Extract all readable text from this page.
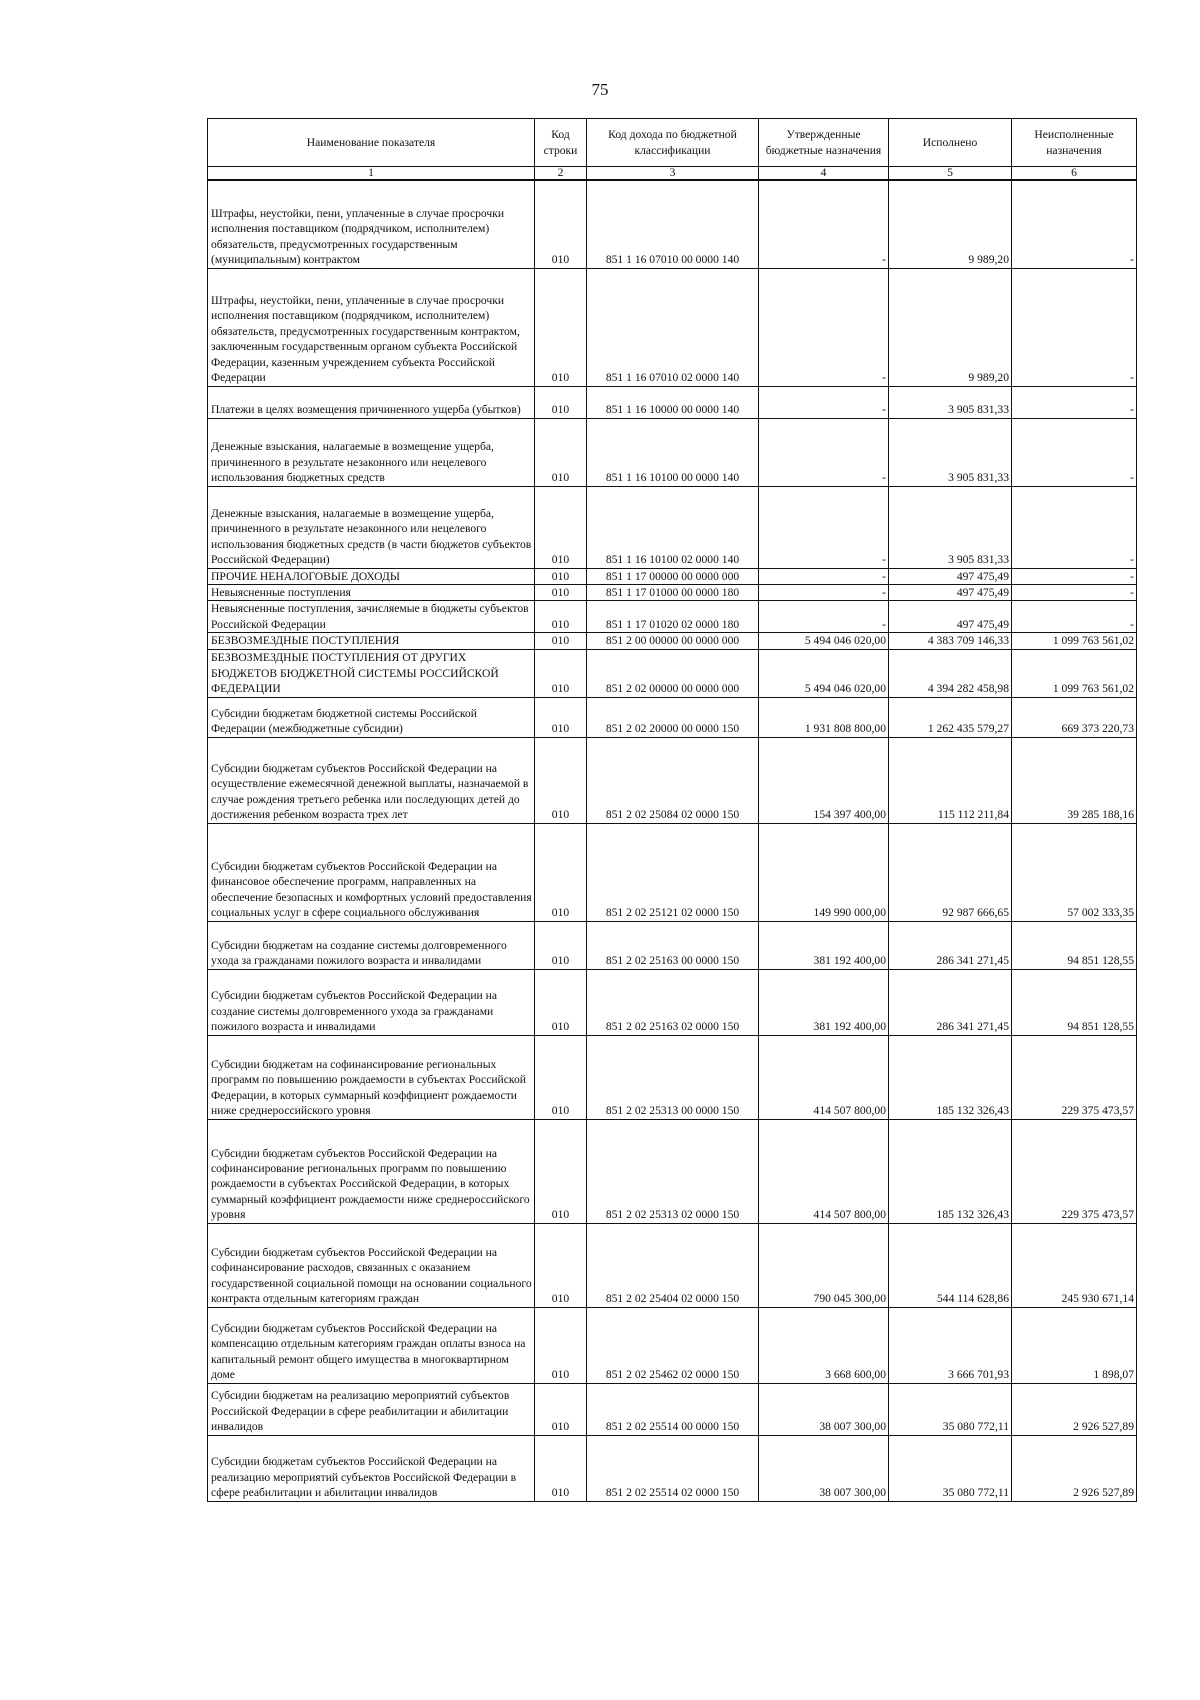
75
Наименование показателя	Код строки	Код дохода по бюджетной классификации	Утвержденные бюджетные назначения	Исполнено	Неисполненные назначения
1	2	3	4	5	6
Штрафы, неустойки, пени, уплаченные в случае просрочки исполнения поставщиком (подрядчиком, исполнителем) обязательств, предусмотренных государственным (муниципальным) контрактом	010	851 1 16 07010 00 0000 140	-	9 989,20	-
Штрафы, неустойки, пени, уплаченные в случае просрочки исполнения поставщиком (подрядчиком, исполнителем) обязательств, предусмотренных государственным контрактом, заключенным государственным органом субъекта Российской Федерации, казенным учреждением субъекта Российской Федерации	010	851 1 16 07010 02 0000 140	-	9 989,20	-
Платежи в целях возмещения причиненного ущерба (убытков)	010	851 1 16 10000 00 0000 140	-	3 905 831,33	-
Денежные взыскания, налагаемые в возмещение ущерба, причиненного в результате незаконного или нецелевого использования бюджетных средств	010	851 1 16 10100 00 0000 140	-	3 905 831,33	-
Денежные взыскания, налагаемые в возмещение ущерба, причиненного в результате незаконного или нецелевого использования бюджетных средств (в части бюджетов субъектов Российской Федерации)	010	851 1 16 10100 02 0000 140	-	3 905 831,33	-
ПРОЧИЕ НЕНАЛОГОВЫЕ ДОХОДЫ	010	851 1 17 00000 00 0000 000	-	497 475,49	-
Невыясненные поступления	010	851 1 17 01000 00 0000 180	-	497 475,49	-
Невыясненные поступления, зачисляемые в бюджеты субъектов Российской Федерации	010	851 1 17 01020 02 0000 180	-	497 475,49	-
БЕЗВОЗМЕЗДНЫЕ ПОСТУПЛЕНИЯ	010	851 2 00 00000 00 0000 000	5 494 046 020,00	4 383 709 146,33	1 099 763 561,02
БЕЗВОЗМЕЗДНЫЕ ПОСТУПЛЕНИЯ ОТ ДРУГИХ БЮДЖЕТОВ БЮДЖЕТНОЙ СИСТЕМЫ РОССИЙСКОЙ ФЕДЕРАЦИИ	010	851 2 02 00000 00 0000 000	5 494 046 020,00	4 394 282 458,98	1 099 763 561,02
Субсидии бюджетам бюджетной системы Российской Федерации (межбюджетные субсидии)	010	851 2 02 20000 00 0000 150	1 931 808 800,00	1 262 435 579,27	669 373 220,73
Субсидии бюджетам субъектов Российской Федерации на осуществление ежемесячной денежной выплаты, назначаемой в случае рождения третьего ребенка или последующих детей до достижения ребенком возраста трех лет	010	851 2 02 25084 02 0000 150	154 397 400,00	115 112 211,84	39 285 188,16
Субсидии бюджетам субъектов Российской Федерации на финансовое обеспечение программ, направленных на обеспечение безопасных и комфортных условий предоставления социальных услуг в сфере социального обслуживания	010	851 2 02 25121 02 0000 150	149 990 000,00	92 987 666,65	57 002 333,35
Субсидии бюджетам на создание системы долговременного ухода за гражданами пожилого возраста и инвалидами	010	851 2 02 25163 00 0000 150	381 192 400,00	286 341 271,45	94 851 128,55
Субсидии бюджетам субъектов Российской Федерации на создание системы долговременного ухода за гражданами пожилого возраста и инвалидами	010	851 2 02 25163 02 0000 150	381 192 400,00	286 341 271,45	94 851 128,55
Субсидии бюджетам на софинансирование региональных программ по повышению рождаемости в субъектах Российской Федерации, в которых суммарный коэффициент рождаемости ниже среднероссийского уровня	010	851 2 02 25313 00 0000 150	414 507 800,00	185 132 326,43	229 375 473,57
Субсидии бюджетам субъектов Российской Федерации на софинансирование региональных программ по повышению рождаемости в субъектах Российской Федерации, в которых суммарный коэффициент рождаемости ниже среднероссийского уровня	010	851 2 02 25313 02 0000 150	414 507 800,00	185 132 326,43	229 375 473,57
Субсидии бюджетам субъектов Российской Федерации на софинансирование расходов, связанных с оказанием государственной социальной помощи на основании социального контракта отдельным категориям граждан	010	851 2 02 25404 02 0000 150	790 045 300,00	544 114 628,86	245 930 671,14
Субсидии бюджетам субъектов Российской Федерации на компенсацию отдельным категориям граждан оплаты взноса на капитальный ремонт общего имущества в многоквартирном доме	010	851 2 02 25462 02 0000 150	3 668 600,00	3 666 701,93	1 898,07
Субсидии бюджетам на реализацию мероприятий субъектов Российской Федерации в сфере реабилитации и абилитации инвалидов	010	851 2 02 25514 00 0000 150	38 007 300,00	35 080 772,11	2 926 527,89
Субсидии бюджетам субъектов Российской Федерации на реализацию мероприятий субъектов Российской Федерации в сфере реабилитации и абилитации инвалидов	010	851 2 02 25514 02 0000 150	38 007 300,00	35 080 772,11	2 926 527,89
